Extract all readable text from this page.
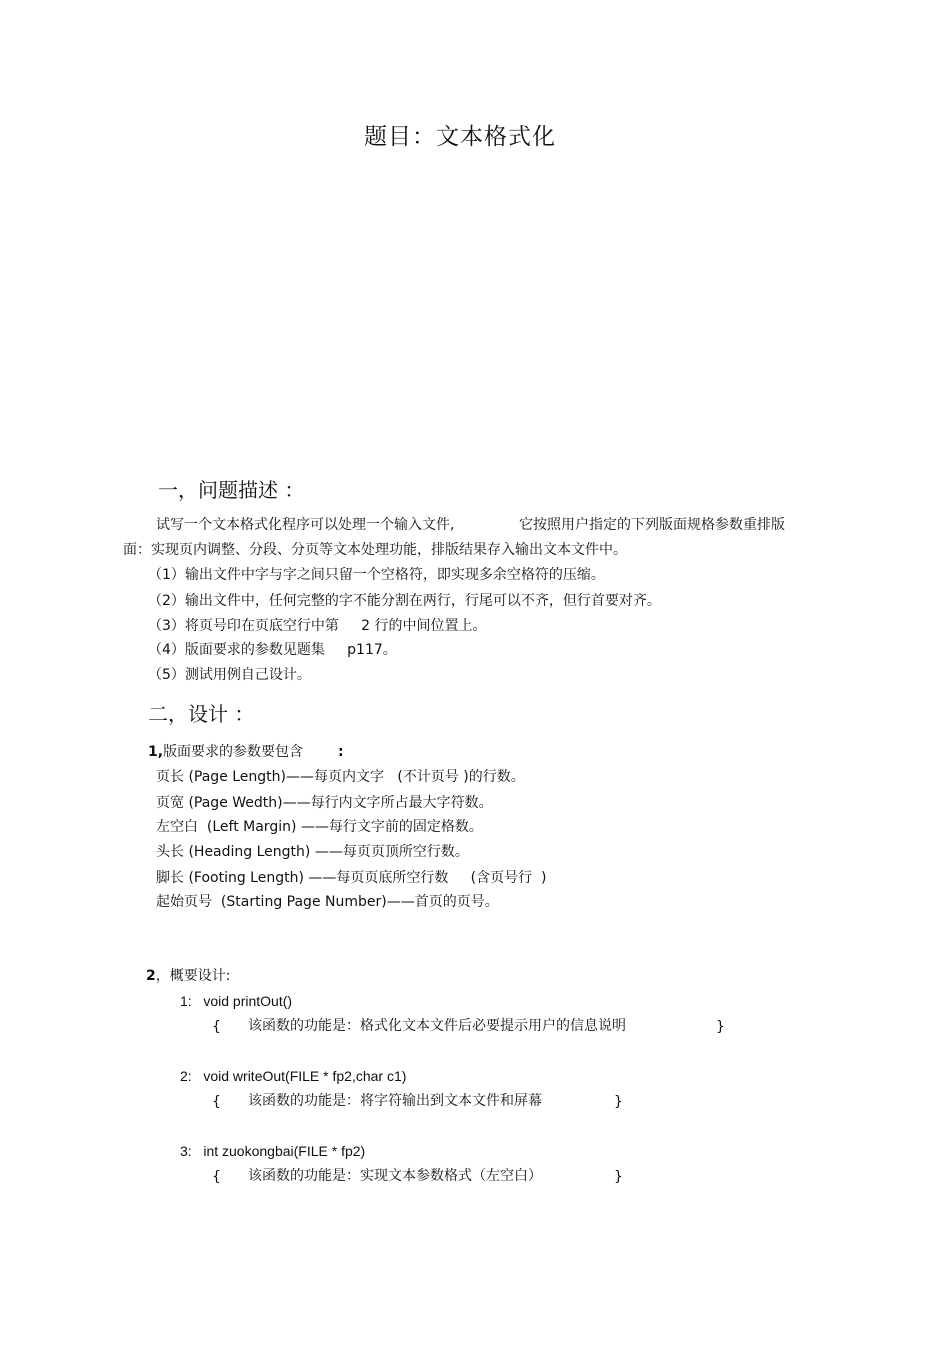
题目：文本格式化
一，问题描述 ：
试写一个文本格式化程序可以处理一个输入文件,	它按照用户指定的下列版面规格参数重排版
面：实现页内调整、分段、分页等文本处理功能，排版结果存入输出文本文件中。
（1）输出文件中字与字之间只留一个空格符，即实现多余空格符的压缩。
（2）输出文件中，任何完整的字不能分割在两行，行尾可以不齐，但行首要对齐。
（3）将页号印在页底空行中第     2 行的中间位置上。
（4）版面要求的参数见题集     p117。
（5）测试用例自己设计。
二，设计 ：
1,版面要求的参数要包含 :
页长 (Page Length)——每页内文字   (不计页号 )的行数。
页宽 (Page Wedth)——每行内文字所占最大字符数。
左空白  (Left Margin) ——每行文字前的固定格数。
头长 (Heading Length) ——每页页顶所空行数。
脚长 (Footing Length) ——每页页底所空行数     (含页号行  )
起始页号  (Starting Page Number)——首页的页号。
2，概要设计:
1:   void printOut()
{ 该函数的功能是：格式化文本文件后必要提示用户的信息说明	}
2:   void writeOut(FILE * fp2,char c1)
{ 该函数的功能是：将字符输出到文本文件和屏幕	}
3:   int zuokongbai(FILE * fp2)
{ 该函数的功能是：实现文本参数格式（左空白）	}
